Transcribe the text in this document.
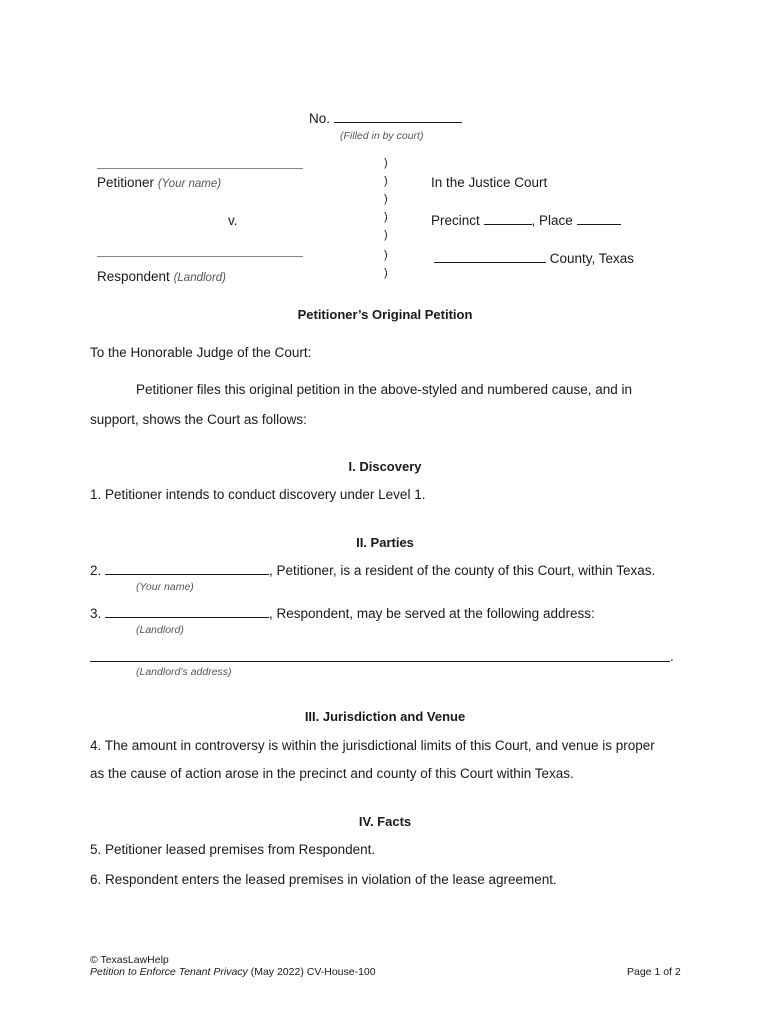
No.
(Filled in by court)
Petitioner (Your name)
v.
Respondent (Landlord)
)
)
)
)
)
)
)
In the Justice Court
Precinct	, Place
County, Texas
Petitioner’s Original Petition
To the Honorable Judge of the Court:
Petitioner files this original petition in the above-styled and numbered cause, and in
support, shows the Court as follows:
I. Discovery
1. Petitioner intends to conduct discovery under Level 1.
II. Parties
2.	, Petitioner, is a resident of the county of this Court, within Texas.
(Your name)
3.	, Respondent, may be served at the following address:
(Landlord)
.
(Landlord’s address)
III. Jurisdiction and Venue
4. The amount in controversy is within the jurisdictional limits of this Court, and venue is proper
as the cause of action arose in the precinct and county of this Court within Texas.
IV. Facts
5. Petitioner leased premises from Respondent.
6. Respondent enters the leased premises in violation of the lease agreement.
© TexasLawHelp
Petition to Enforce Tenant Privacy (May 2022) CV-House-100	Page 1 of 2
